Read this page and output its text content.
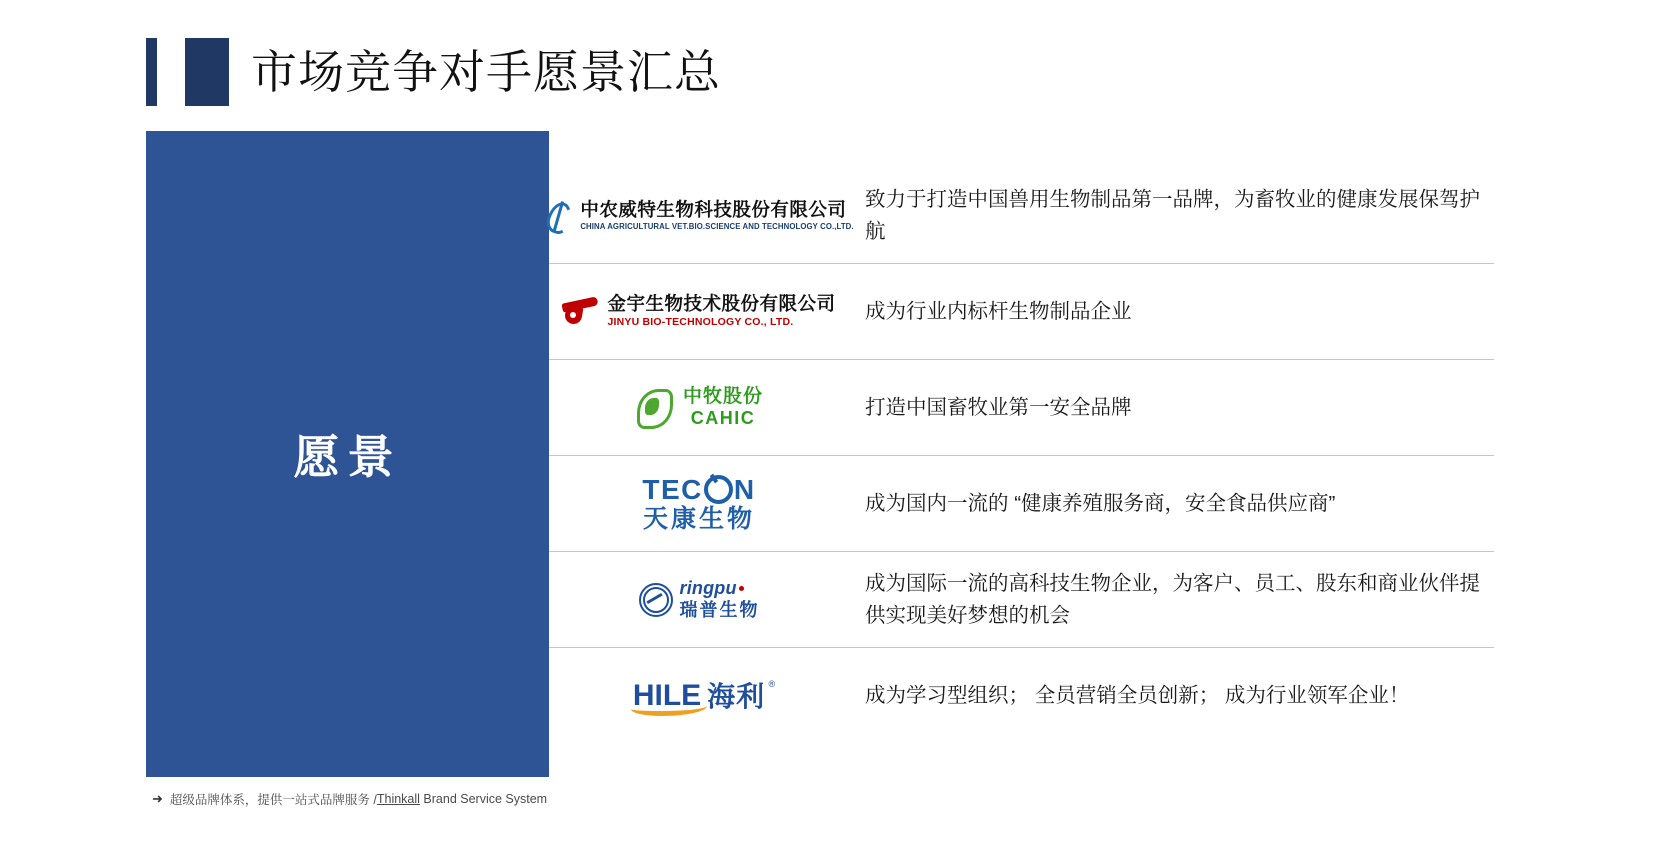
市场竞争对手愿景汇总
愿景
➜ 超级品牌体系，提供一站式品牌服务 / Thinkall Brand Service System
中农威特生物科技股份有限公司
CHINA AGRICULTURAL VET.BIO.SCIENCE AND TECHNOLOGY CO.,LTD.
致力于打造中国兽用生物制品第一品牌，为畜牧业的健康发展保驾护航
金宇生物技术股份有限公司
JINYU BIO-TECHNOLOGY CO., LTD.	成为行业内标杆生物制品企业
中牧股份
CAHIC	打造中国畜牧业第一安全品牌
TEC N
天康生物
成为国内一流的 “健康养殖服务商，安全食品供应商”
ringpu
瑞普生物
成为国际一流的高科技生物企业，为客户、员工、股东和商业伙伴提供实现美好梦想的机会
HILE 海利 ®
成为学习型组织； 全员营销全员创新； 成为行业领军企业！
